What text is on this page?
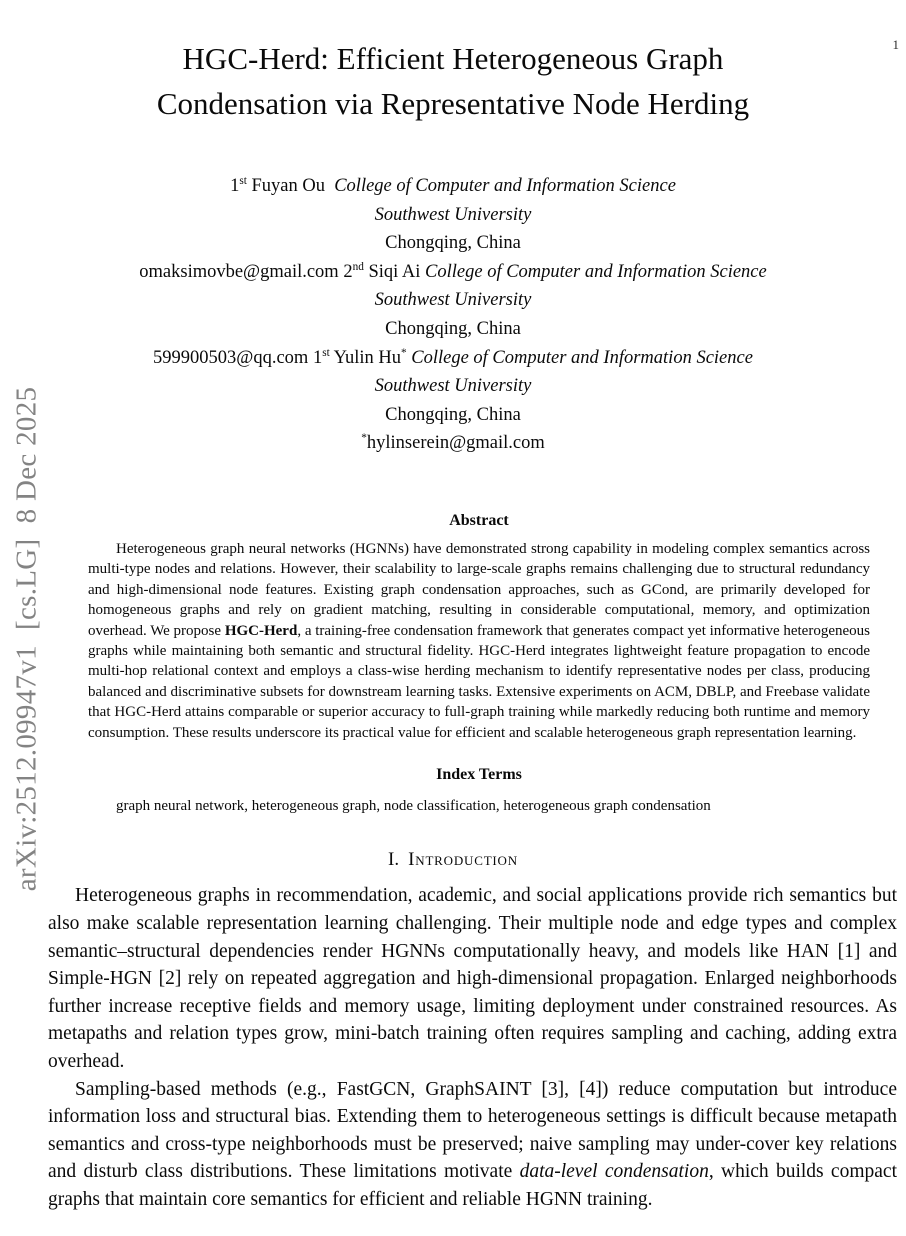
1
arXiv:2512.09947v1  [cs.LG]  8 Dec 2025
HGC-Herd: Efficient Heterogeneous Graph
Condensation via Representative Node Herding
1st Fuyan Ou College of Computer and Information Science
Southwest University
Chongqing, China
omaksimovbe@gmail.com 2nd Siqi Ai College of Computer and Information Science
Southwest University
Chongqing, China
599900503@qq.com 1st Yulin Hu* College of Computer and Information Science
Southwest University
Chongqing, China
*hylinserein@gmail.com
Abstract

Heterogeneous graph neural networks (HGNNs) have demonstrated strong capability in modeling complex semantics across multi-type nodes and relations. However, their scalability to large-scale graphs remains challenging due to structural redundancy and high-dimensional node features. Existing graph condensation approaches, such as GCond, are primarily developed for homogeneous graphs and rely on gradient matching, resulting in considerable computational, memory, and optimization overhead. We propose HGC-Herd, a training-free condensation framework that generates compact yet informative heterogeneous graphs while maintaining both semantic and structural fidelity. HGC-Herd integrates lightweight feature propagation to encode multi-hop relational context and employs a class-wise herding mechanism to identify representative nodes per class, producing balanced and discriminative subsets for downstream learning tasks. Extensive experiments on ACM, DBLP, and Freebase validate that HGC-Herd attains comparable or superior accuracy to full-graph training while markedly reducing both runtime and memory consumption. These results underscore its practical value for efficient and scalable heterogeneous graph representation learning.

Index Terms

graph neural network, heterogeneous graph, node classification, heterogeneous graph condensation

I. Introduction

Heterogeneous graphs in recommendation, academic, and social applications provide rich semantics but also make scalable representation learning challenging. Their multiple node and edge types and complex semantic–structural dependencies render HGNNs computationally heavy, and models like HAN [1] and Simple-HGN [2] rely on repeated aggregation and high-dimensional propagation. Enlarged neighborhoods further increase receptive fields and memory usage, limiting deployment under constrained resources. As metapaths and relation types grow, mini-batch training often requires sampling and caching, adding extra overhead.

Sampling-based methods (e.g., FastGCN, GraphSAINT [3], [4]) reduce computation but introduce information loss and structural bias. Extending them to heterogeneous settings is difficult because metapath semantics and cross-type neighborhoods must be preserved; naive sampling may under-cover key relations and disturb class distributions. These limitations motivate data-level condensation, which builds compact graphs that maintain core semantics for efficient and reliable HGNN training.
